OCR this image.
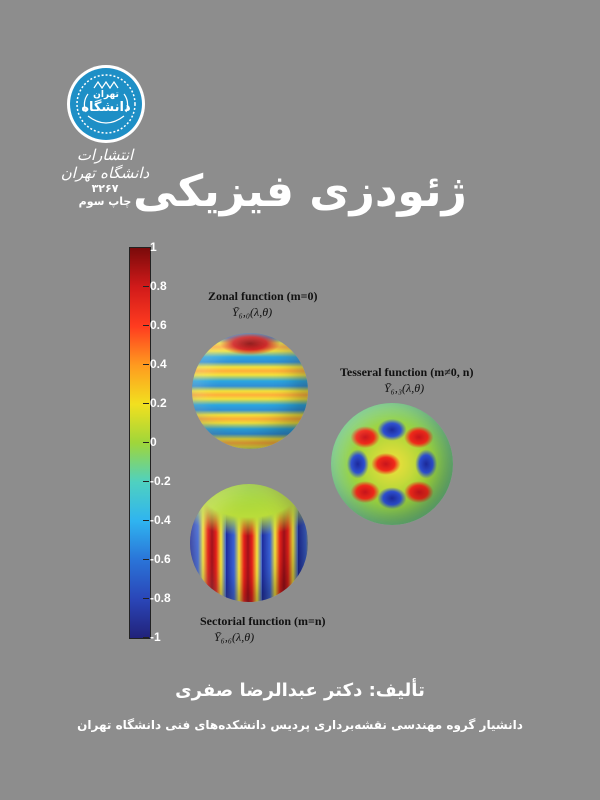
دانشگاه
تهران
انتشارات دانشگاه تهران
۳۲۶۷
چاپ سوم ژئودزی فیزیکی
1
0.8
0.6
0.4
0.2
0
-0.2
-0.4
-0.6
-0.8
-1
Zonal function (m=0)
Ȳ₆,₀(λ,θ)
Tesseral function (m≠0, n)
Ȳ₆,₃(λ,θ)
Sectorial function (m=n)
Ȳ₆,₆(λ,θ)
تألیف: دکتر عبدالرضا صفری
دانشیار گروه مهندسی نقشه‌برداری پردیس دانشکده‌های فنی دانشگاه تهران
